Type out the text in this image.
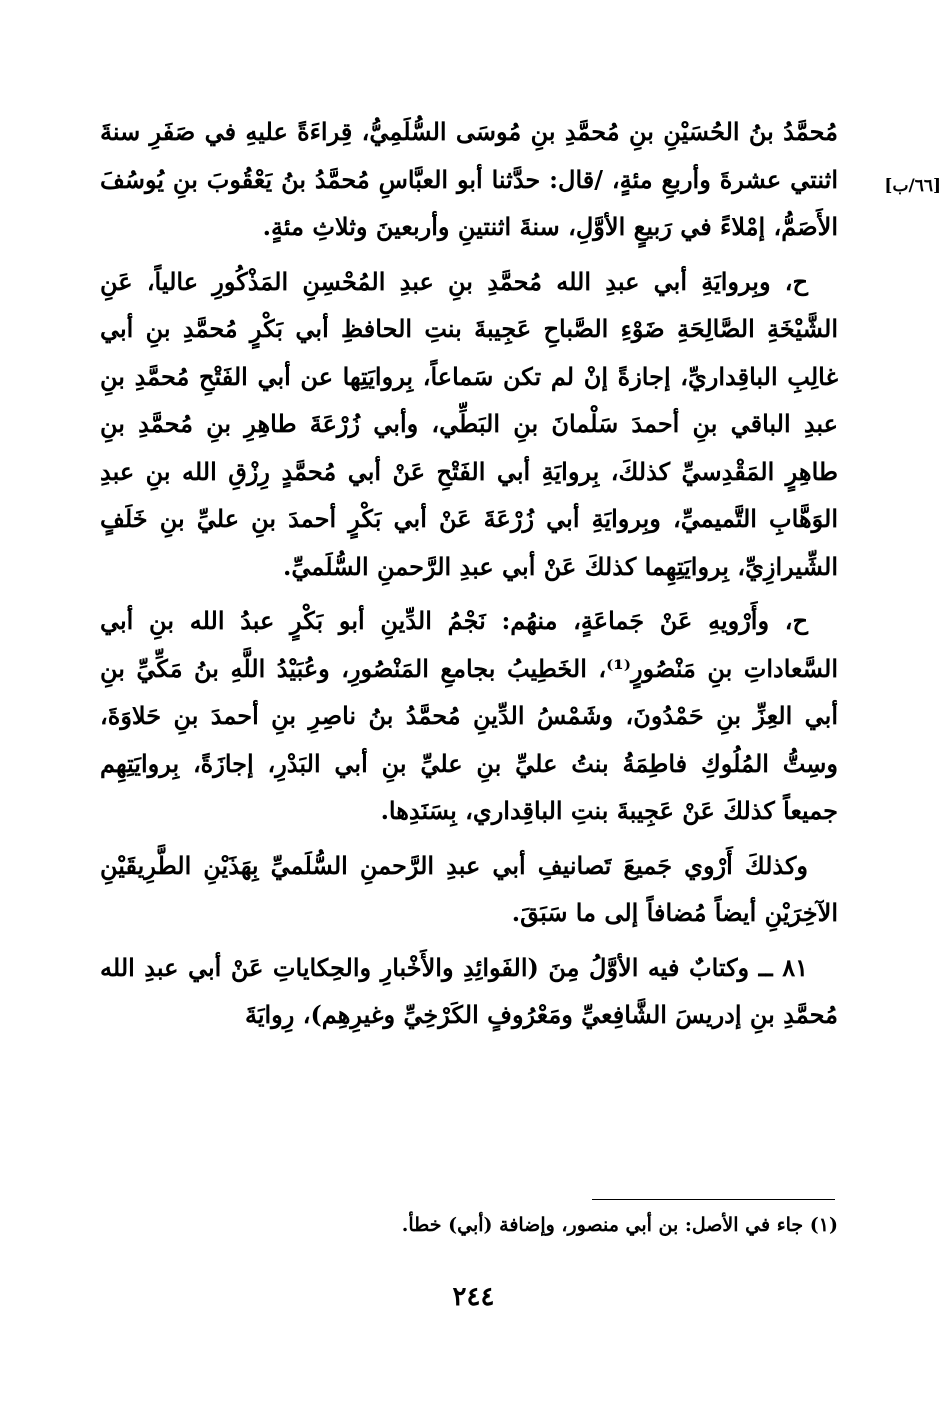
[٦٦/ب]

مُحمَّدُ بنُ الحُسَيْنِ بنِ مُحمَّدِ بنِ مُوسَى السُّلَمِيُّ، قِراءَةً عليهِ في صَفَرِ سنةَ اثنتي عشرةَ وأربعِ مئةٍ، /قال: حدَّثنا أبو العبَّاسِ مُحمَّدُ بنُ يَعْقُوبَ بنِ يُوسُفَ الأَصَمُّ، إمْلاءً في رَبيعٍ الأوَّلِ، سنةَ اثنتينِ وأربعينَ وثلاثِ مئةٍ.

ح، وبِروايَةِ أبي عبدِ الله مُحمَّدِ بنِ عبدِ المُحْسِنِ المَذْكُورِ عالياً، عَنِ الشَّيْخَةِ الصَّالِحَةِ ضَوْءِ الصَّباحِ عَجِيبةَ بنتِ الحافظِ أبي بَكْرٍ مُحمَّدِ بنِ أبي غالِبِ الباقِداريِّ، إجازةً إنْ لم تكن سَماعاً، بِروايَتِها عن أبي الفَتْحِ مُحمَّدِ بنِ عبدِ الباقي بنِ أحمدَ سَلْمانَ بنِ البَطِّي، وأبي زُرْعَةَ طاهِرِ بنِ مُحمَّدِ بنِ طاهِرٍ المَقْدِسيِّ كذلكَ، بِروايَةِ أبي الفَتْحِ عَنْ أبي مُحمَّدٍ رِزْقِ الله بنِ عبدِ الوَهَّابِ التَّميميِّ، وبِروايَةِ أبي زُرْعَةَ عَنْ أبي بَكْرٍ أحمدَ بنِ عليِّ بنِ خَلَفٍ الشِّيرازِيِّ، بِروايَتِهِما كذلكَ عَنْ أبي عبدِ الرَّحمنِ السُّلَميِّ.

ح، وأَرْويهِ عَنْ جَماعَةٍ، منهُم: نَجْمُ الدِّينِ أبو بَكْرٍ عبدُ الله بنِ أبي السَّعاداتِ بنِ مَنْصُورٍ⁽¹⁾، الخَطِيبُ بجامعِ المَنْصُورِ، وعُبَيْدُ اللَّهِ بنُ مَكِّيِّ بنِ أبي العِزِّ بنِ حَمْدُونَ، وشَمْسُ الدِّينِ مُحمَّدُ بنُ ناصِرِ بنِ أحمدَ بنِ حَلاوَةَ، وسِتُّ المُلُوكِ فاطِمَةُ بنتُ عليِّ بنِ عليِّ بنِ أبي البَدْرِ، إجازَةً، بِروايَتِهِم جميعاً كذلكَ عَنْ عَجِيبةَ بنتِ الباقِداري، بِسَنَدِها.

وكذلكَ أَرْوي جَميعَ تَصانيفِ أبي عبدِ الرَّحمنِ السُّلَميِّ بِهَذَيْنِ الطَّرِيقَيْنِ الآخِرَيْنِ أيضاً مُضافاً إلى ما سَبَقَ.

٨١ ــ وكتابٌ فيه الأوَّلُ مِنَ (الفَوائِدِ والأَخْبارِ والحِكاياتِ عَنْ أبي عبدِ الله مُحمَّدِ بنِ إدريسَ الشَّافِعيِّ ومَعْرُوفٍ الكَرْخِيِّ وغيرِهِم)، رِوايَةَ

(١) جاء في الأصل: بن أبي منصور، وإضافة (أبي) خطأ.
٢٤٤
